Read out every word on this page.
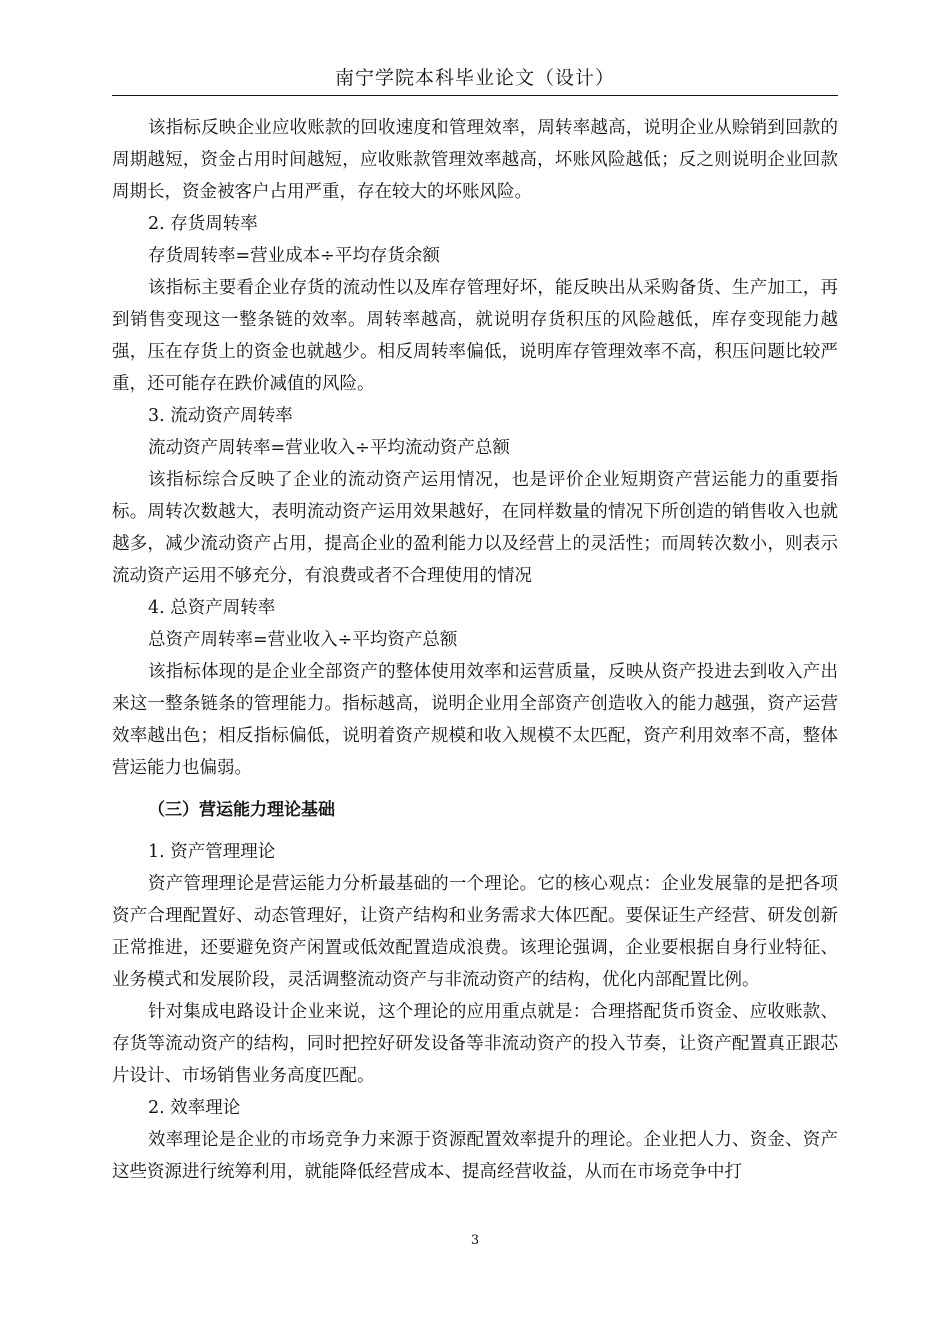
南宁学院本科毕业论文（设计）

该指标反映企业应收账款的回收速度和管理效率，周转率越高，说明企业从赊销到回款的周期越短，资金占用时间越短，应收账款管理效率越高，坏账风险越低；反之则说明企业回款周期长，资金被客户占用严重，存在较大的坏账风险。

2. 存货周转率

存货周转率=营业成本÷平均存货余额

该指标主要看企业存货的流动性以及库存管理好坏，能反映出从采购备货、生产加工，再到销售变现这一整条链的效率。周转率越高，就说明存货积压的风险越低，库存变现能力越强，压在存货上的资金也就越少。相反周转率偏低，说明库存管理效率不高，积压问题比较严重，还可能存在跌价减值的风险。

3. 流动资产周转率

流动资产周转率=营业收入÷平均流动资产总额

该指标综合反映了企业的流动资产运用情况，也是评价企业短期资产营运能力的重要指标。周转次数越大，表明流动资产运用效果越好，在同样数量的情况下所创造的销售收入也就越多，减少流动资产占用，提高企业的盈利能力以及经营上的灵活性；而周转次数小，则表示流动资产运用不够充分，有浪费或者不合理使用的情况

4. 总资产周转率

总资产周转率=营业收入÷平均资产总额

该指标体现的是企业全部资产的整体使用效率和运营质量，反映从资产投进去到收入产出来这一整条链条的管理能力。指标越高，说明企业用全部资产创造收入的能力越强，资产运营效率越出色；相反指标偏低，说明着资产规模和收入规模不太匹配，资产利用效率不高，整体营运能力也偏弱。

（三）营运能力理论基础

1. 资产管理理论

资产管理理论是营运能力分析最基础的一个理论。它的核心观点：企业发展靠的是把各项资产合理配置好、动态管理好，让资产结构和业务需求大体匹配。要保证生产经营、研发创新正常推进，还要避免资产闲置或低效配置造成浪费。该理论强调，企业要根据自身行业特征、业务模式和发展阶段，灵活调整流动资产与非流动资产的结构，优化内部配置比例。

针对集成电路设计企业来说，这个理论的应用重点就是：合理搭配货币资金、应收账款、存货等流动资产的结构，同时把控好研发设备等非流动资产的投入节奏，让资产配置真正跟芯片设计、市场销售业务高度匹配。

2. 效率理论

效率理论是企业的市场竞争力来源于资源配置效率提升的理论。企业把人力、资金、资产这些资源进行统筹利用，就能降低经营成本、提高经营收益，从而在市场竞争中打

3
